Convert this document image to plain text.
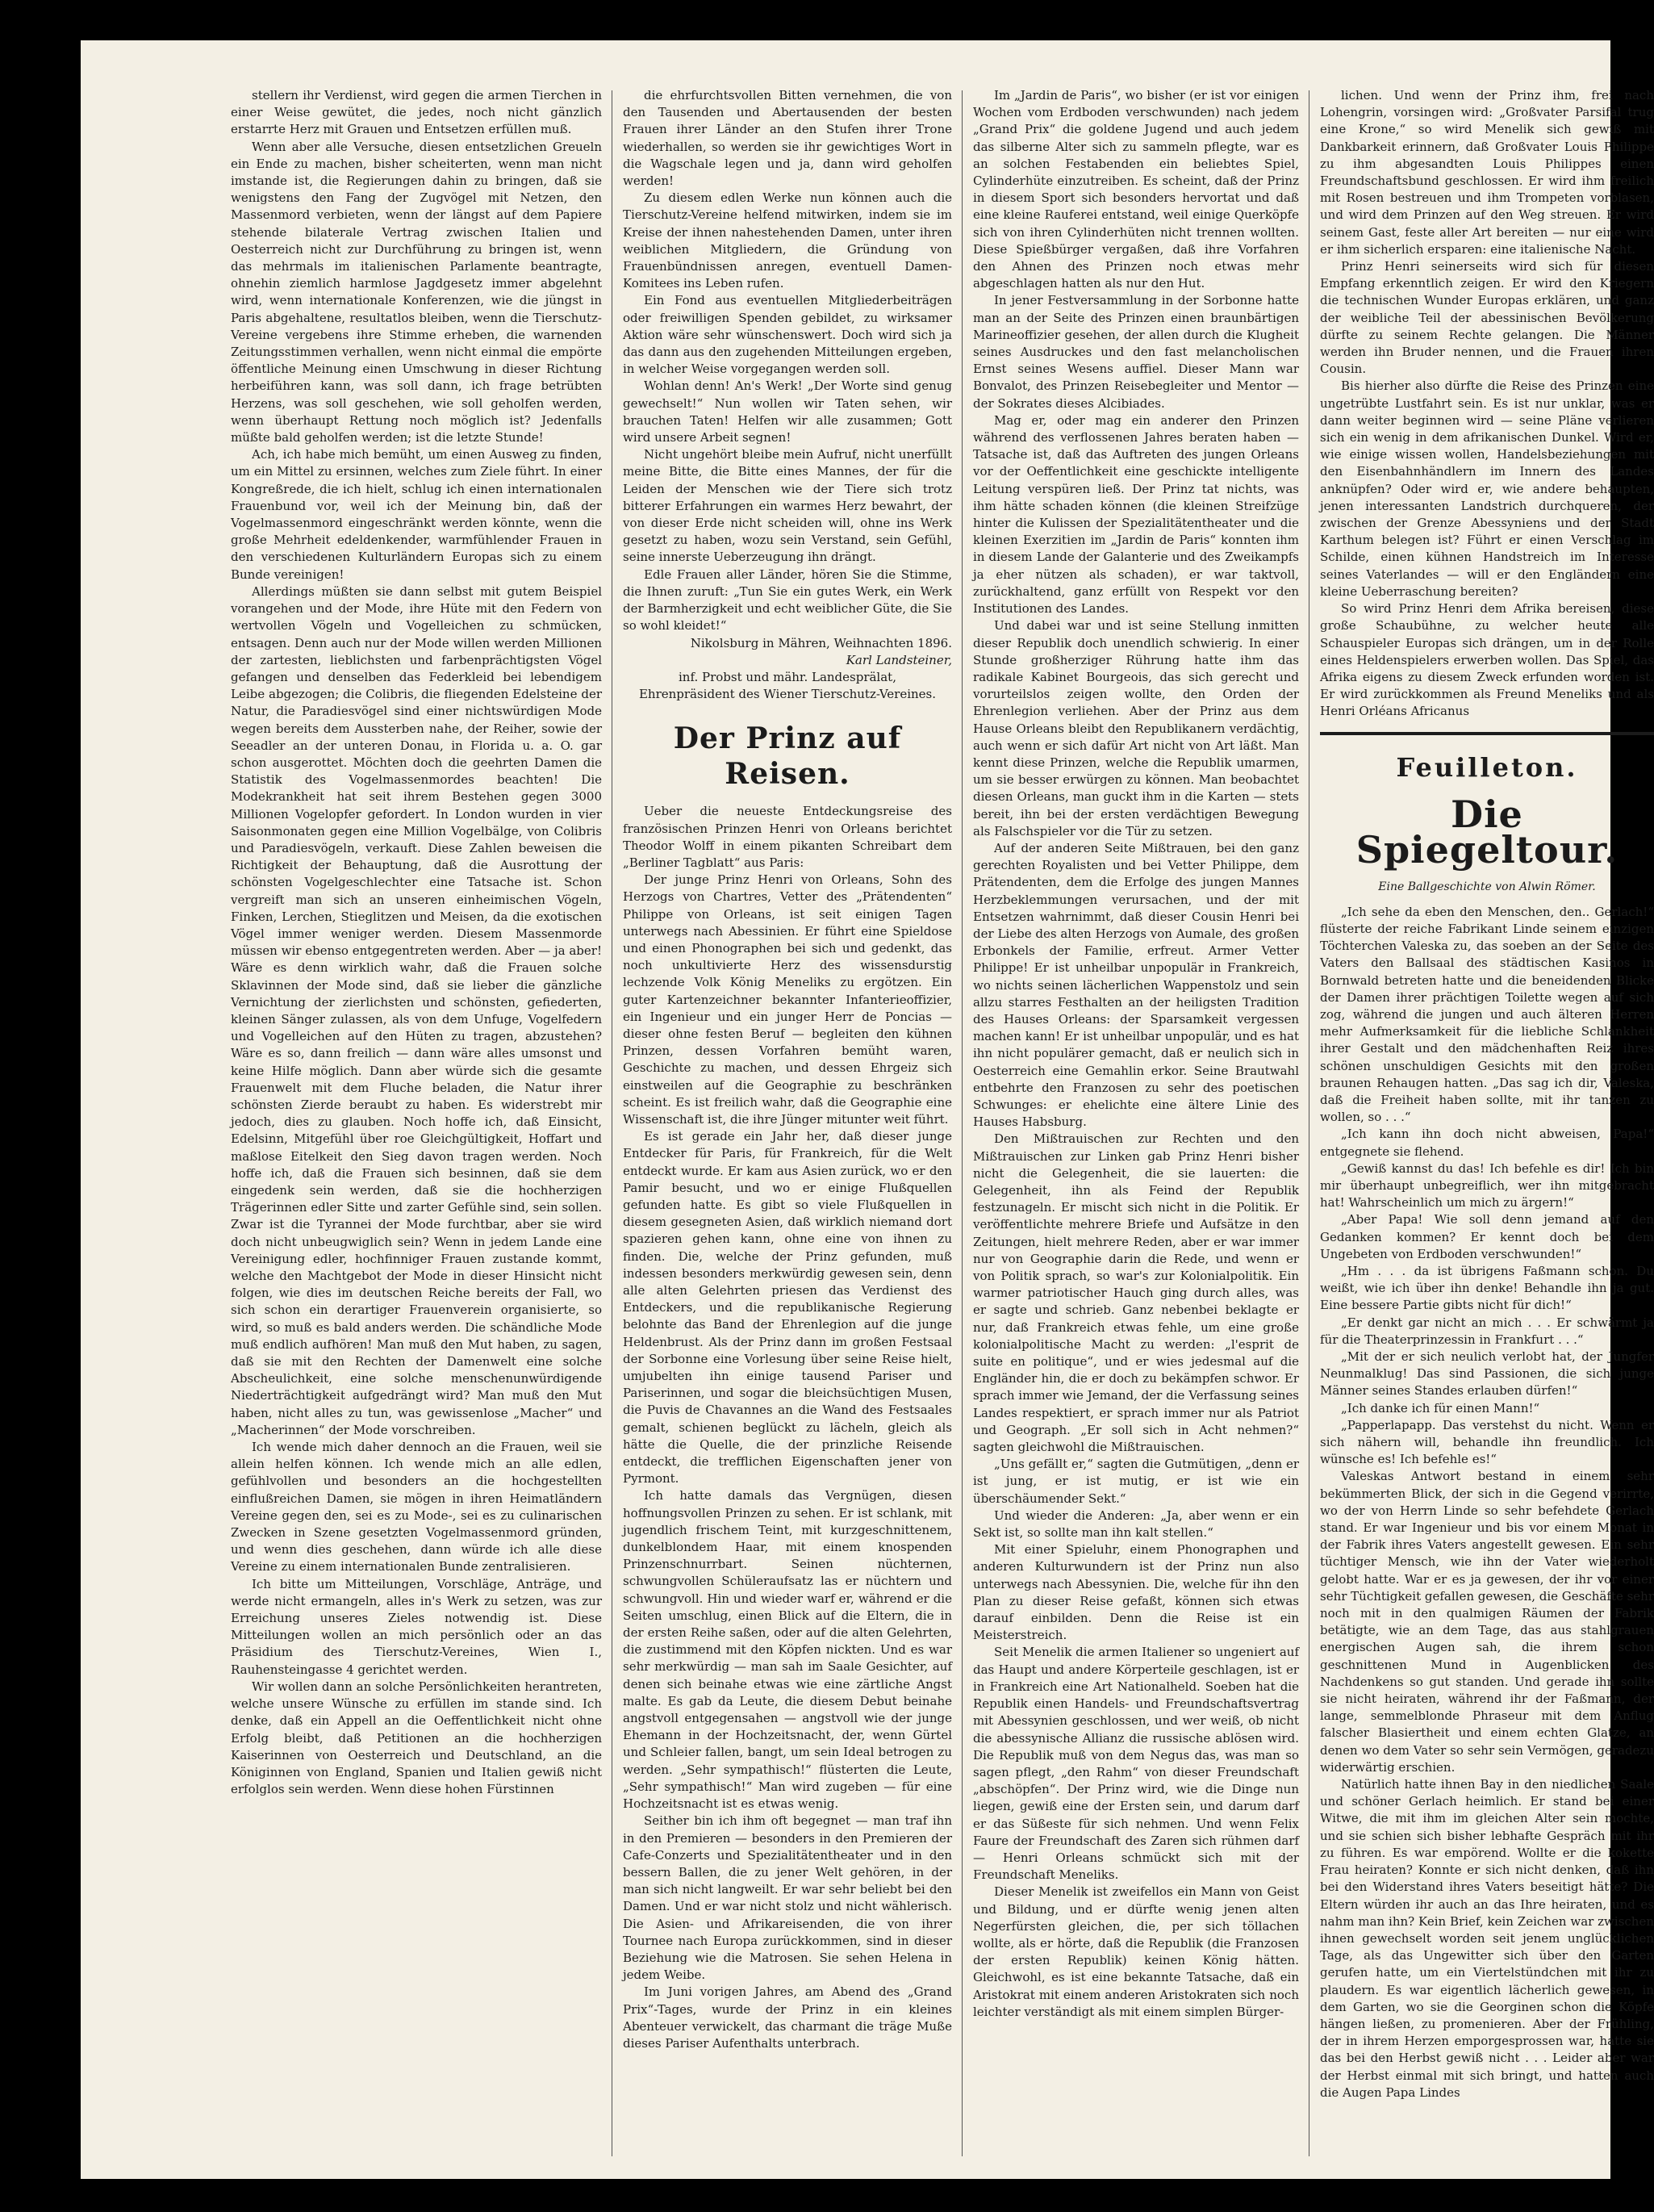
stellern ihr Verdienst, wird gegen die armen Tierchen in einer Weise gewütet, die jedes, noch nicht gänzlich erstarrte Herz mit Grauen und Entsetzen erfüllen muß.

Wenn aber alle Versuche, diesen entsetzlichen Greueln ein Ende zu machen, bisher scheiterten, wenn man nicht imstande ist, die Regierungen dahin zu bringen, daß sie wenigstens den Fang der Zugvögel mit Netzen, den Massenmord verbieten, wenn der längst auf dem Papiere stehende bilaterale Vertrag zwischen Italien und Oesterreich nicht zur Durchführung zu bringen ist, wenn das mehrmals im italienischen Parlamente beantragte, ohnehin ziemlich harmlose Jagdgesetz immer abgelehnt wird, wenn internationale Konferenzen, wie die jüngst in Paris abgehaltene, resultatlos bleiben, wenn die Tierschutz-Vereine vergebens ihre Stimme erheben, die warnenden Zeitungsstimmen verhallen, wenn nicht einmal die empörte öffentliche Meinung einen Umschwung in dieser Richtung herbeiführen kann, was soll dann, ich frage betrübten Herzens, was soll geschehen, wie soll geholfen werden, wenn überhaupt Rettung noch möglich ist? Jedenfalls müßte bald geholfen werden; ist die letzte Stunde!

Ach, ich habe mich bemüht, um einen Ausweg zu finden, um ein Mittel zu ersinnen, welches zum Ziele führt. In einer Kongreßrede, die ich hielt, schlug ich einen internationalen Frauenbund vor, weil ich der Meinung bin, daß der Vogelmassenmord eingeschränkt werden könnte, wenn die große Mehrheit edeldenkender, warmfühlender Frauen in den verschiedenen Kulturländern Europas sich zu einem Bunde vereinigen!

Allerdings müßten sie dann selbst mit gutem Beispiel vorangehen und der Mode, ihre Hüte mit den Federn von wertvollen Vögeln und Vogelleichen zu schmücken, entsagen. Denn auch nur der Mode willen werden Millionen der zartesten, lieblichsten und farbenprächtigsten Vögel gefangen und denselben das Federkleid bei lebendigem Leibe abgezogen; die Colibris, die fliegenden Edelsteine der Natur, die Paradiesvögel sind einer nichtswürdigen Mode wegen bereits dem Aussterben nahe, der Reiher, sowie der Seeadler an der unteren Donau, in Florida u. a. O. gar schon ausgerottet. Möchten doch die geehrten Damen die Statistik des Vogelmassenmordes beachten! Die Modekrankheit hat seit ihrem Bestehen gegen 3000 Millionen Vogelopfer gefordert. In London wurden in vier Saisonmonaten gegen eine Million Vogelbälge, von Colibris und Paradiesvögeln, verkauft. Diese Zahlen beweisen die Richtigkeit der Behauptung, daß die Ausrottung der schönsten Vogelgeschlechter eine Tatsache ist. Schon vergreift man sich an unseren einheimischen Vögeln, Finken, Lerchen, Stieglitzen und Meisen, da die exotischen Vögel immer weniger werden. Diesem Massenmorde müssen wir ebenso entgegentreten werden. Aber — ja aber! Wäre es denn wirklich wahr, daß die Frauen solche Sklavinnen der Mode sind, daß sie lieber die gänzliche Vernichtung der zierlichsten und schönsten, gefiederten, kleinen Sänger zulassen, als von dem Unfuge, Vogelfedern und Vogelleichen auf den Hüten zu tragen, abzustehen? Wäre es so, dann freilich — dann wäre alles umsonst und keine Hilfe möglich. Dann aber würde sich die gesamte Frauenwelt mit dem Fluche beladen, die Natur ihrer schönsten Zierde beraubt zu haben. Es widerstrebt mir jedoch, dies zu glauben. Noch hoffe ich, daß Einsicht, Edelsinn, Mitgefühl über roe Gleichgültigkeit, Hoffart und maßlose Eitelkeit den Sieg davon tragen werden. Noch hoffe ich, daß die Frauen sich besinnen, daß sie dem eingedenk sein werden, daß sie die hochherzigen Trägerinnen edler Sitte und zarter Gefühle sind, sein sollen. Zwar ist die Tyrannei der Mode furchtbar, aber sie wird doch nicht unbeugwiglich sein? Wenn in jedem Lande eine Vereinigung edler, hochfinniger Frauen zustande kommt, welche den Machtgebot der Mode in dieser Hinsicht nicht folgen, wie dies im deutschen Reiche bereits der Fall, wo sich schon ein derartiger Frauenverein organisierte, so wird, so muß es bald anders werden. Die schändliche Mode muß endlich aufhören! Man muß den Mut haben, zu sagen, daß sie mit den Rechten der Damenwelt eine solche Abscheulichkeit, eine solche menschenunwürdigende Niederträchtigkeit aufgedrängt wird? Man muß den Mut haben, nicht alles zu tun, was gewissenlose „Macher“ und „Macherinnen“ der Mode vorschreiben.

Ich wende mich daher dennoch an die Frauen, weil sie allein helfen können. Ich wende mich an alle edlen, gefühlvollen und besonders an die hochgestellten einflußreichen Damen, sie mögen in ihren Heimatländern Vereine gegen den, sei es zu Mode-, sei es zu culinarischen Zwecken in Szene gesetzten Vogelmassenmord gründen, und wenn dies geschehen, dann würde ich alle diese Vereine zu einem internationalen Bunde zentralisieren.

Ich bitte um Mitteilungen, Vorschläge, Anträge, und werde nicht ermangeln, alles in's Werk zu setzen, was zur Erreichung unseres Zieles notwendig ist. Diese Mitteilungen wollen an mich persönlich oder an das Präsidium des Tierschutz-Vereines, Wien I., Rauhensteingasse 4 gerichtet werden.

Wir wollen dann an solche Persönlichkeiten herantreten, welche unsere Wünsche zu erfüllen im stande sind. Ich denke, daß ein Appell an die Oeffentlichkeit nicht ohne Erfolg bleibt, daß Petitionen an die hochherzigen Kaiserinnen von Oesterreich und Deutschland, an die Königinnen von England, Spanien und Italien gewiß nicht erfolglos sein werden. Wenn diese hohen Fürstinnen

die ehrfurchtsvollen Bitten vernehmen, die von den Tausenden und Abertausenden der besten Frauen ihrer Länder an den Stufen ihrer Trone wiederhallen, so werden sie ihr gewichtiges Wort in die Wagschale legen und ja, dann wird geholfen werden!

Zu diesem edlen Werke nun können auch die Tierschutz-Vereine helfend mitwirken, indem sie im Kreise der ihnen nahestehenden Damen, unter ihren weiblichen Mitgliedern, die Gründung von Frauenbündnissen anregen, eventuell Damen-Komitees ins Leben rufen.

Ein Fond aus eventuellen Mitgliederbeiträgen oder freiwilligen Spenden gebildet, zu wirksamer Aktion wäre sehr wünschenswert. Doch wird sich ja das dann aus den zugehenden Mitteilungen ergeben, in welcher Weise vorgegangen werden soll.

Wohlan denn! An's Werk! „Der Worte sind genug gewechselt!“ Nun wollen wir Taten sehen, wir brauchen Taten! Helfen wir alle zusammen; Gott wird unsere Arbeit segnen!

Nicht ungehört bleibe mein Aufruf, nicht unerfüllt meine Bitte, die Bitte eines Mannes, der für die Leiden der Menschen wie der Tiere sich trotz bitterer Erfahrungen ein warmes Herz bewahrt, der von dieser Erde nicht scheiden will, ohne ins Werk gesetzt zu haben, wozu sein Verstand, sein Gefühl, seine innerste Ueberzeugung ihn drängt.

Edle Frauen aller Länder, hören Sie die Stimme, die Ihnen zuruft: „Tun Sie ein gutes Werk, ein Werk der Barmherzigkeit und echt weiblicher Güte, die Sie so wohl kleidet!“

Nikolsburg in Mähren, Weihnachten 1896.

Karl Landsteiner,

inf. Probst und mähr. Landesprälat,

Ehrenpräsident des Wiener Tierschutz-Vereines.

Der Prinz auf Reisen.

Ueber die neueste Entdeckungsreise des französischen Prinzen Henri von Orleans berichtet Theodor Wolff in einem pikanten Schreibart dem „Berliner Tagblatt“ aus Paris:

Der junge Prinz Henri von Orleans, Sohn des Herzogs von Chartres, Vetter des „Prätendenten“ Philippe von Orleans, ist seit einigen Tagen unterwegs nach Abessinien. Er führt eine Spieldose und einen Phonographen bei sich und gedenkt, das noch unkultivierte Herz des wissensdurstig lechzende Volk König Meneliks zu ergötzen. Ein guter Kartenzeichner bekannter Infanterieoffizier, ein Ingenieur und ein junger Herr de Poncias — dieser ohne festen Beruf — begleiten den kühnen Prinzen, dessen Vorfahren bemüht waren, Geschichte zu machen, und dessen Ehrgeiz sich einstweilen auf die Geographie zu beschränken scheint. Es ist freilich wahr, daß die Geographie eine Wissenschaft ist, die ihre Jünger mitunter weit führt.

Es ist gerade ein Jahr her, daß dieser junge Entdecker für Paris, für Frankreich, für die Welt entdeckt wurde. Er kam aus Asien zurück, wo er den Pamir besucht, und wo er einige Flußquellen gefunden hatte. Es gibt so viele Flußquellen in diesem gesegneten Asien, daß wirklich niemand dort spazieren gehen kann, ohne eine von ihnen zu finden. Die, welche der Prinz gefunden, muß indessen besonders merkwürdig gewesen sein, denn alle alten Gelehrten priesen das Verdienst des Entdeckers, und die republikanische Regierung belohnte das Band der Ehrenlegion auf die junge Heldenbrust. Als der Prinz dann im großen Festsaal der Sorbonne eine Vorlesung über seine Reise hielt, umjubelten ihn einige tausend Pariser und Pariserinnen, und sogar die bleichsüchtigen Musen, die Puvis de Chavannes an die Wand des Festsaales gemalt, schienen beglückt zu lächeln, gleich als hätte die Quelle, die der prinzliche Reisende entdeckt, die trefflichen Eigenschaften jener von Pyrmont.

Ich hatte damals das Vergnügen, diesen hoffnungsvollen Prinzen zu sehen. Er ist schlank, mit jugendlich frischem Teint, mit kurzgeschnittenem, dunkelblondem Haar, mit einem knospenden Prinzenschnurrbart. Seinen nüchternen, schwungvollen Schüleraufsatz las er nüchtern und schwungvoll. Hin und wieder warf er, während er die Seiten umschlug, einen Blick auf die Eltern, die in der ersten Reihe saßen, oder auf die alten Gelehrten, die zustimmend mit den Köpfen nickten. Und es war sehr merkwürdig — man sah im Saale Gesichter, auf denen sich beinahe etwas wie eine zärtliche Angst malte. Es gab da Leute, die diesem Debut beinahe angstvoll entgegensahen — angstvoll wie der junge Ehemann in der Hochzeitsnacht, der, wenn Gürtel und Schleier fallen, bangt, um sein Ideal betrogen zu werden. „Sehr sympathisch!“ flüsterten die Leute, „Sehr sympathisch!“ Man wird zugeben — für eine Hochzeitsnacht ist es etwas wenig.

Seither bin ich ihm oft begegnet — man traf ihn in den Premieren — besonders in den Premieren der Cafe-Conzerts und Spezialitätentheater und in den bessern Ballen, die zu jener Welt gehören, in der man sich nicht langweilt. Er war sehr beliebt bei den Damen. Und er war nicht stolz und nicht wählerisch. Die Asien- und Afrikareisenden, die von ihrer Tournee nach Europa zurückkommen, sind in dieser Beziehung wie die Matrosen. Sie sehen Helena in jedem Weibe.

Im Juni vorigen Jahres, am Abend des „Grand Prix“-Tages, wurde der Prinz in ein kleines Abenteuer verwickelt, das charmant die träge Muße dieses Pariser Aufenthalts unterbrach.

Im „Jardin de Paris“, wo bisher (er ist vor einigen Wochen vom Erdboden verschwunden) nach jedem „Grand Prix“ die goldene Jugend und auch jedem das silberne Alter sich zu sammeln pflegte, war es an solchen Festabenden ein beliebtes Spiel, Cylinderhüte einzutreiben. Es scheint, daß der Prinz in diesem Sport sich besonders hervortat und daß eine kleine Rauferei entstand, weil einige Querköpfe sich von ihren Cylinderhüten nicht trennen wollten. Diese Spießbürger vergaßen, daß ihre Vorfahren den Ahnen des Prinzen noch etwas mehr abgeschlagen hatten als nur den Hut.

In jener Festversammlung in der Sorbonne hatte man an der Seite des Prinzen einen braunbärtigen Marineoffizier gesehen, der allen durch die Klugheit seines Ausdruckes und den fast melancholischen Ernst seines Wesens auffiel. Dieser Mann war Bonvalot, des Prinzen Reisebegleiter und Mentor — der Sokrates dieses Alcibiades.

Mag er, oder mag ein anderer den Prinzen während des verflossenen Jahres beraten haben — Tatsache ist, daß das Auftreten des jungen Orleans vor der Oeffentlichkeit eine geschickte intelligente Leitung verspüren ließ. Der Prinz tat nichts, was ihm hätte schaden können (die kleinen Streifzüge hinter die Kulissen der Spezialitätentheater und die kleinen Exerzitien im „Jardin de Paris“ konnten ihm in diesem Lande der Galanterie und des Zweikampfs ja eher nützen als schaden), er war taktvoll, zurückhaltend, ganz erfüllt von Respekt vor den Institutionen des Landes.

Und dabei war und ist seine Stellung inmitten dieser Republik doch unendlich schwierig. In einer Stunde großherziger Rührung hatte ihm das radikale Kabinet Bourgeois, das sich gerecht und vorurteilslos zeigen wollte, den Orden der Ehrenlegion verliehen. Aber der Prinz aus dem Hause Orleans bleibt den Republikanern verdächtig, auch wenn er sich dafür Art nicht von Art läßt. Man kennt diese Prinzen, welche die Republik umarmen, um sie besser erwürgen zu können. Man beobachtet diesen Orleans, man guckt ihm in die Karten — stets bereit, ihn bei der ersten verdächtigen Bewegung als Falschspieler vor die Tür zu setzen.

Auf der anderen Seite Mißtrauen, bei den ganz gerechten Royalisten und bei Vetter Philippe, dem Prätendenten, dem die Erfolge des jungen Mannes Herzbeklemmungen verursachen, und der mit Entsetzen wahrnimmt, daß dieser Cousin Henri bei der Liebe des alten Herzogs von Aumale, des großen Erbonkels der Familie, erfreut. Armer Vetter Philippe! Er ist unheilbar unpopulär in Frankreich, wo nichts seinen lächerlichen Wappenstolz und sein allzu starres Festhalten an der heiligsten Tradition des Hauses Orleans: der Sparsamkeit vergessen machen kann! Er ist unheilbar unpopulär, und es hat ihn nicht populärer gemacht, daß er neulich sich in Oesterreich eine Gemahlin erkor. Seine Brautwahl entbehrte den Franzosen zu sehr des poetischen Schwunges: er ehelichte eine ältere Linie des Hauses Habsburg.

Den Mißtrauischen zur Rechten und den Mißtrauischen zur Linken gab Prinz Henri bisher nicht die Gelegenheit, die sie lauerten: die Gelegenheit, ihn als Feind der Republik festzunageln. Er mischt sich nicht in die Politik. Er veröffentlichte mehrere Briefe und Aufsätze in den Zeitungen, hielt mehrere Reden, aber er war immer nur von Geographie darin die Rede, und wenn er von Politik sprach, so war's zur Kolonialpolitik. Ein warmer patriotischer Hauch ging durch alles, was er sagte und schrieb. Ganz nebenbei beklagte er nur, daß Frankreich etwas fehle, um eine große kolonialpolitische Macht zu werden: „l'esprit de suite en politique“, und er wies jedesmal auf die Engländer hin, die er doch zu bekämpfen schwor. Er sprach immer wie Jemand, der die Verfassung seines Landes respektiert, er sprach immer nur als Patriot und Geograph. „Er soll sich in Acht nehmen?“ sagten gleichwohl die Mißtrauischen.

„Uns gefällt er,“ sagten die Gutmütigen, „denn er ist jung, er ist mutig, er ist wie ein überschäumender Sekt.“

Und wieder die Anderen: „Ja, aber wenn er ein Sekt ist, so sollte man ihn kalt stellen.“

Mit einer Spieluhr, einem Phonographen und anderen Kulturwundern ist der Prinz nun also unterwegs nach Abessynien. Die, welche für ihn den Plan zu dieser Reise gefaßt, können sich etwas darauf einbilden. Denn die Reise ist ein Meisterstreich.

Seit Menelik die armen Italiener so ungeniert auf das Haupt und andere Körperteile geschlagen, ist er in Frankreich eine Art Nationalheld. Soeben hat die Republik einen Handels- und Freundschaftsvertrag mit Abessynien geschlossen, und wer weiß, ob nicht die abessynische Allianz die russische ablösen wird. Die Republik muß von dem Negus das, was man so sagen pflegt, „den Rahm“ von dieser Freundschaft „abschöpfen“. Der Prinz wird, wie die Dinge nun liegen, gewiß eine der Ersten sein, und darum darf er das Süßeste für sich nehmen. Und wenn Felix Faure der Freundschaft des Zaren sich rühmen darf — Henri Orleans schmückt sich mit der Freundschaft Meneliks.

Dieser Menelik ist zweifellos ein Mann von Geist und Bildung, und er dürfte wenig jenen alten Negerfürsten gleichen, die, per sich töllachen wollte, als er hörte, daß die Republik (die Franzosen der ersten Republik) keinen König hätten. Gleichwohl, es ist eine bekannte Tatsache, daß ein Aristokrat mit einem anderen Aristokraten sich noch leichter verständigt als mit einem simplen Bürger-

lichen. Und wenn der Prinz ihm, frei nach Lohengrin, vorsingen wird: „Großvater Parsifal trug eine Krone,“ so wird Menelik sich gewiß mit Dankbarkeit erinnern, daß Großvater Louis Philippe zu ihm abgesandten Louis Philippes einen Freundschaftsbund geschlossen. Er wird ihm freilich mit Rosen bestreuen und ihm Trompeten vorblasen, und wird dem Prinzen auf den Weg streuen. Er wird seinem Gast, feste aller Art bereiten — nur eine wird er ihm sicherlich ersparen: eine italienische Nacht.

Prinz Henri seinerseits wird sich für diesen Empfang erkenntlich zeigen. Er wird den Kriegern die technischen Wunder Europas erklären, und ganz der weibliche Teil der abessinischen Bevölkerung dürfte zu seinem Rechte gelangen. Die Männer werden ihn Bruder nennen, und die Frauen ihren Cousin.

Bis hierher also dürfte die Reise des Prinzen eine ungetrübte Lustfahrt sein. Es ist nur unklar, was er dann weiter beginnen wird — seine Pläne verlieren sich ein wenig in dem afrikanischen Dunkel. Wird er, wie einige wissen wollen, Handelsbeziehungen mit den Eisenbahnhändlern im Innern des Landes anknüpfen? Oder wird er, wie andere behaupten, jenen interessanten Landstrich durchqueren, der zwischen der Grenze Abessyniens und der Stadt Karthum belegen ist? Führt er einen Verschlag im Schilde, einen kühnen Handstreich im Interesse seines Vaterlandes — will er den Engländern eine kleine Ueberraschung bereiten?

So wird Prinz Henri dem Afrika bereisen, diese große Schaubühne, zu welcher heute alle Schauspieler Europas sich drängen, um in der Rolle eines Heldenspielers erwerben wollen. Das Spiel, das Afrika eigens zu diesem Zweck erfunden worden ist. Er wird zurückkommen als Freund Meneliks und als Henri Orléans Africanus

Feuilleton.
Die Spiegeltour.
Eine Ballgeschichte von Alwin Römer.

„Ich sehe da eben den Menschen, den.. Gerlach!“ flüsterte der reiche Fabrikant Linde seinem einzigen Töchterchen Valeska zu, das soeben an der Seite des Vaters den Ballsaal des städtischen Kasinos in Bornwald betreten hatte und die beneidenden Blicke der Damen ihrer prächtigen Toilette wegen auf sich zog, während die jungen und auch älteren Herren mehr Aufmerksamkeit für die liebliche Schlankheit ihrer Gestalt und den mädchenhaften Reiz ihres schönen unschuldigen Gesichts mit den großen braunen Rehaugen hatten. „Das sag ich dir, Valeska, daß die Freiheit haben sollte, mit ihr tanzen zu wollen, so . . .“

„Ich kann ihn doch nicht abweisen, Papa!“ entgegnete sie flehend.

„Gewiß kannst du das! Ich befehle es dir! Ich bin mir überhaupt unbegreiflich, wer ihn mitgebracht hat! Wahrscheinlich um mich zu ärgern!“

„Aber Papa! Wie soll denn jemand auf den Gedanken kommen? Er kennt doch bei dem Ungebeten von Erdboden verschwunden!“

„Hm . . . da ist übrigens Faßmann schon. Du weißt, wie ich über ihn denke! Behandle ihn ja gut. Eine bessere Partie gibts nicht für dich!“

„Er denkt gar nicht an mich . . . Er schwärmt ja für die Theaterprinzessin in Frankfurt . . .“

„Mit der er sich neulich verlobt hat, der Jungfer Neunmalklug! Das sind Passionen, die sich junge Männer seines Standes erlauben dürfen!“

„Ich danke ich für einen Mann!“

„Papperlapapp. Das verstehst du nicht. Wenn er sich nähern will, behandle ihn freundlich. Ich wünsche es! Ich befehle es!“

Valeskas Antwort bestand in einem sehr bekümmerten Blick, der sich in die Gegend verirrte, wo der von Herrn Linde so sehr befehdete Gerlach stand. Er war Ingenieur und bis vor einem Monat in der Fabrik ihres Vaters angestellt gewesen. Ein sehr tüchtiger Mensch, wie ihn der Vater wiederholt gelobt hatte. War er es ja gewesen, der ihr vor einer sehr Tüchtigkeit gefallen gewesen, die Geschäfte sehr noch mit in den qualmigen Räumen der Fabrik betätigte, wie an dem Tage, das aus stahlgrauen energischen Augen sah, die ihrem schon geschnittenen Mund in Augenblicken des Nachdenkens so gut standen. Und gerade ihn sollte sie nicht heiraten, während ihr der Faßmann, der lange, semmelblonde Phraseur mit dem Anflug falscher Blasiertheit und einem echten Glatze, an denen wo dem Vater so sehr sein Vermögen, geradezu widerwärtig erschien.

Natürlich hatte ihnen Bay in den niedlichen Saale und schöner Gerlach heimlich. Er stand bei einer Witwe, die mit ihm im gleichen Alter sein mochte, und sie schien sich bisher lebhafte Gespräch mit ihr zu führen. Es war empörend. Wollte er die kokette Frau heiraten? Konnte er sich nicht denken, daß ihn bei den Widerstand ihres Vaters beseitigt hätte? Die Eltern würden ihr auch an das Ihre heiraten, und es nahm man ihn? Kein Brief, kein Zeichen war zwischen ihnen gewechselt worden seit jenem unglücklichen Tage, als das Ungewitter sich über den Garten gerufen hatte, um ein Viertelstündchen mit ihr zu plaudern. Es war eigentlich lächerlich gewesen, in dem Garten, wo sie die Georginen schon die Köpfe hängen ließen, zu promenieren. Aber der Frühling, der in ihrem Herzen emporgesprossen war, hatte sie das bei den Herbst gewiß nicht . . . Leider aber war der Herbst einmal mit sich bringt, und hatten auch die Augen Papa Lindes
